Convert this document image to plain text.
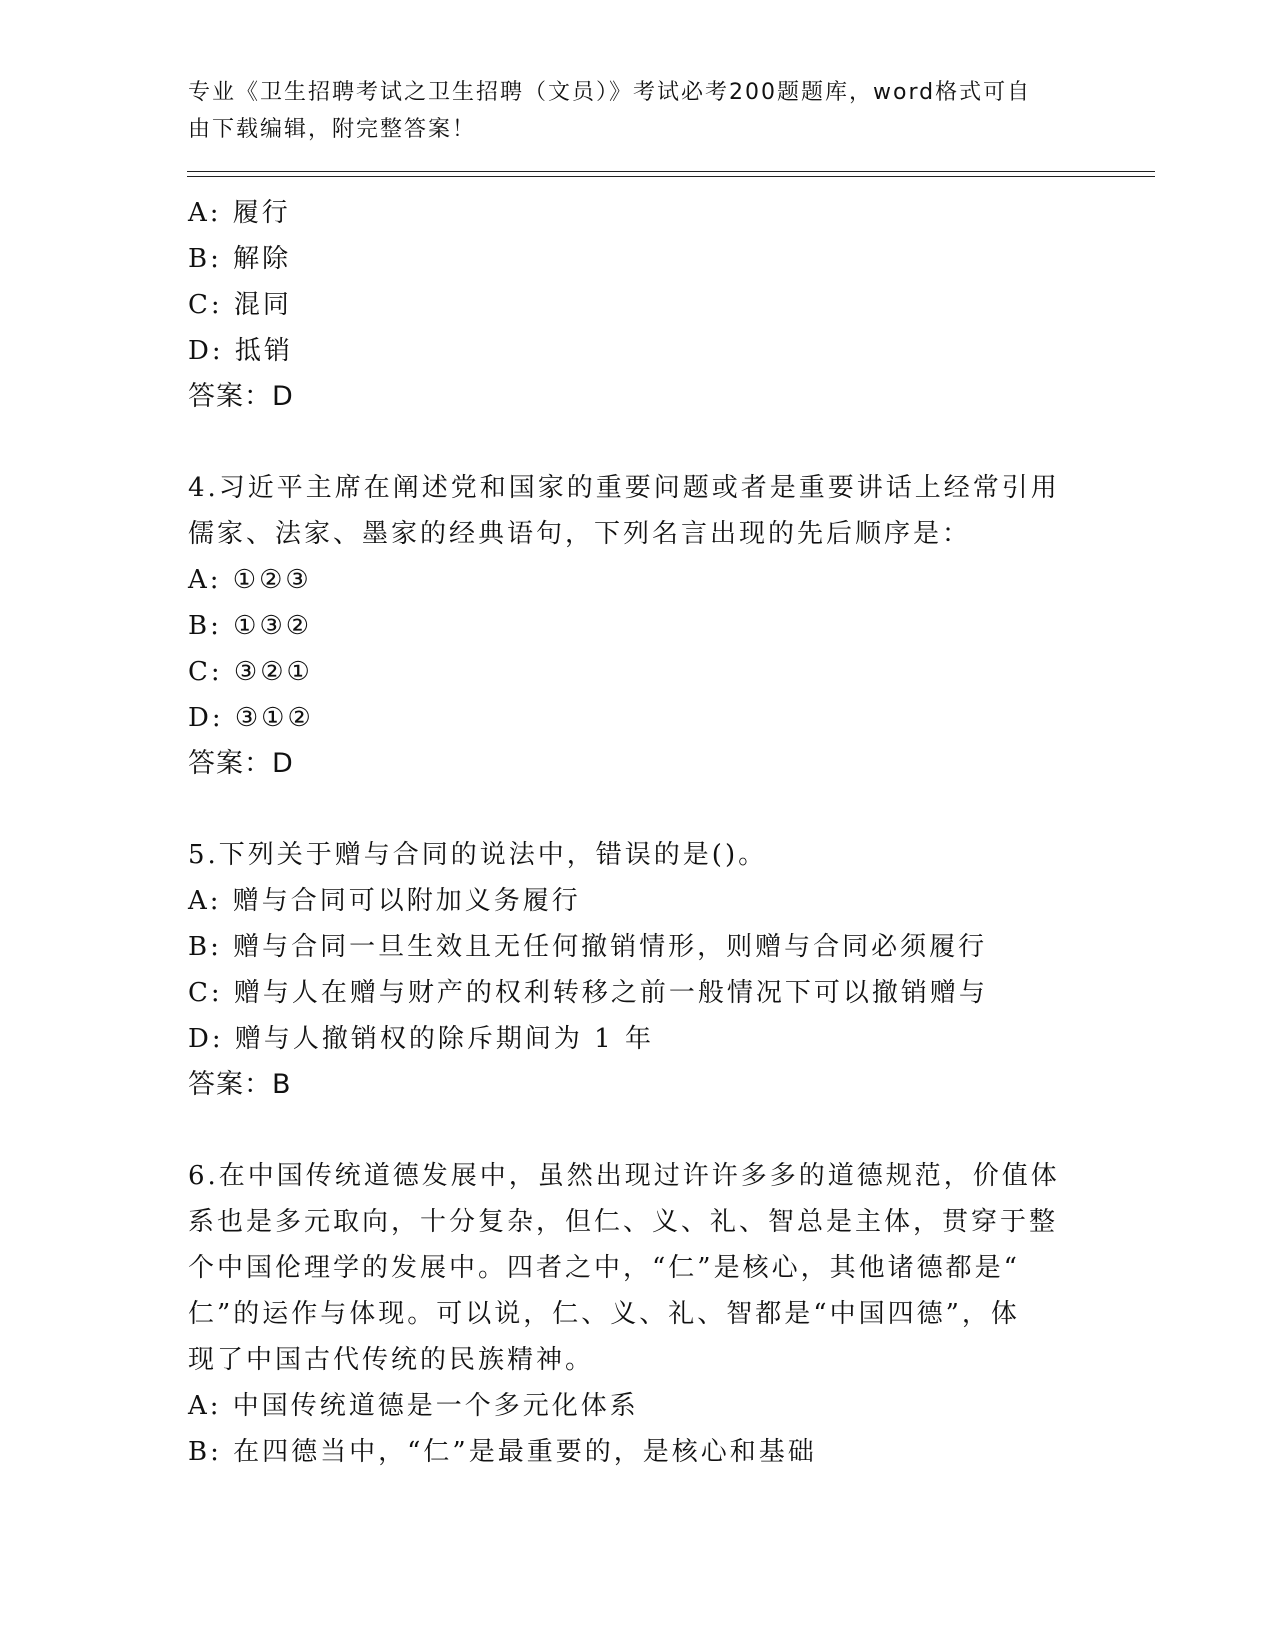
专业《卫生招聘考试之卫生招聘（文员）》考试必考200题题库，word格式可自
由下载编辑，附完整答案！
A: 履行
B: 解除
C: 混同
D: 抵销
答案：D
4.习近平主席在阐述党和国家的重要问题或者是重要讲话上经常引用
儒家、法家、墨家的经典语句，下列名言出现的先后顺序是：
A: ①②③
B: ①③②
C: ③②①
D: ③①②
答案：D
5.下列关于赠与合同的说法中，错误的是()。
A: 赠与合同可以附加义务履行
B: 赠与合同一旦生效且无任何撤销情形，则赠与合同必须履行
C: 赠与人在赠与财产的权利转移之前一般情况下可以撤销赠与
D: 赠与人撤销权的除斥期间为 1 年
答案：B
6.在中国传统道德发展中，虽然出现过许许多多的道德规范，价值体
系也是多元取向，十分复杂，但仁、义、礼、智总是主体，贯穿于整
个中国伦理学的发展中。四者之中，“仁”是核心，其他诸德都是“
仁”的运作与体现。可以说，仁、义、礼、智都是“中国四德”，体
现了中国古代传统的民族精神。
A: 中国传统道德是一个多元化体系
B: 在四德当中，“仁”是最重要的，是核心和基础
